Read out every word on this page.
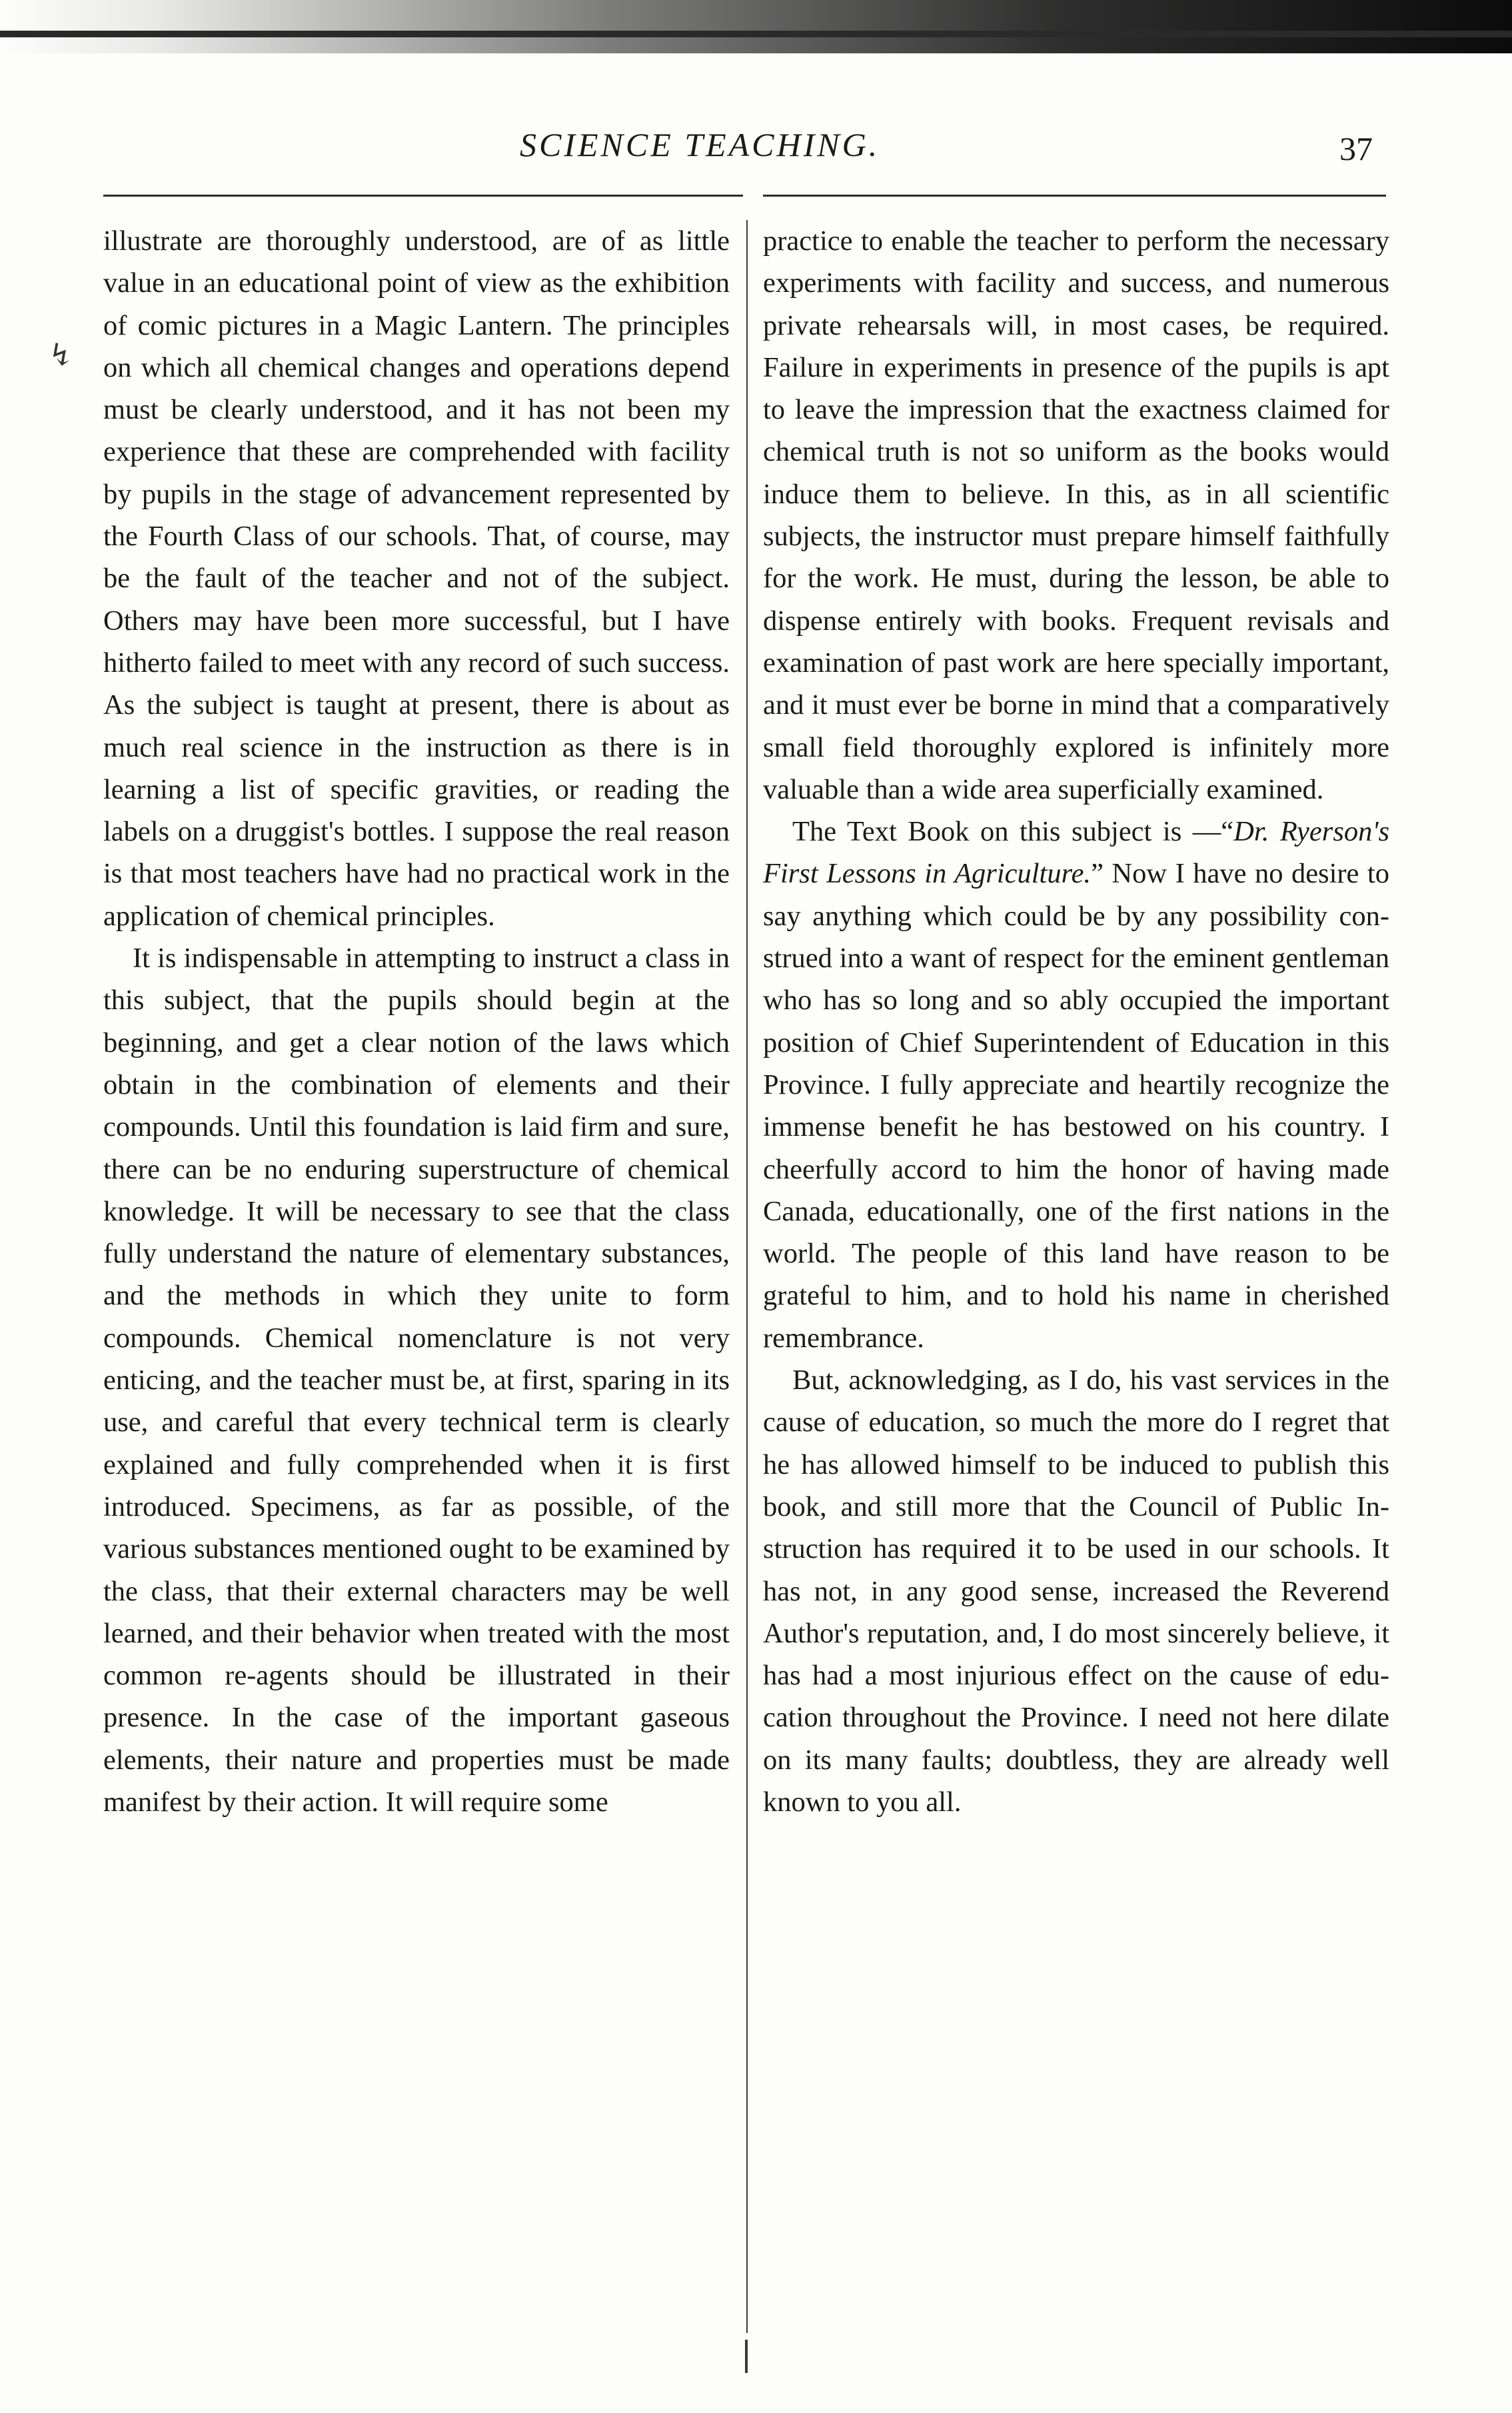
SCIENCE TEACHING.	37
↯

illustrate are thoroughly understood, are of as little value in an educational point of view as the exhibition of comic pictures in a Magic Lantern. The principles on which all chemical changes and operations depend must be clearly understood, and it has not been my experience that these are comprehended with facility by pupils in the stage of advancement represented by the Fourth Class of our schools. That, of course, may be the fault of the teacher and not of the subject. Others may have been more successful, but I have hitherto failed to meet with any record of such success. As the subject is taught at present, there is about as much real science in the instruction as there is in learning a list of specific gravities, or reading the labels on a druggist's bottles. I suppose the real reason is that most teachers have had no practical work in the application of chemical principles.

It is indispensable in attempting to instruct a class in this subject, that the pupils should begin at the beginning, and get a clear notion of the laws which obtain in the combination of elements and their compounds. Until this foundation is laid firm and sure, there can be no enduring superstructure of chemical knowledge. It will be necessary to see that the class fully understand the nature of elementary substances, and the methods in which they unite to form compounds. Chemical nomenclature is not very enticing, and the teacher must be, at first, sparing in its use, and careful that every technical term is clearly explained and fully comprehended when it is first introduced. Specimens, as far as possible, of the various substances mentioned ought to be examined by the class, that their external characters may be well learned, and their behavior when treated with the most common re-agents should be illustrated in their presence. In the case of the important gaseous elements, their nature and properties must be made manifest by their action. It will require some

practice to enable the teacher to perform the necessary experiments with facility and success, and numerous private rehearsals will, in most cases, be required. Failure in experiments in presence of the pupils is apt to leave the impression that the exactness claimed for chemical truth is not so uniform as the books would induce them to believe. In this, as in all scientific subjects, the instructor must prepare himself faithfully for the work. He must, during the lesson, be able to dispense entirely with books. Frequent revisals and examination of past work are here specially important, and it must ever be borne in mind that a comparatively small field thoroughly explored is infinitely more valuable than a wide area superficially examined.

The Text Book on this subject is —“Dr. Ryerson's First Lessons in Agriculture.” Now I have no desire to say anything which could be by any possibility construed into a want of respect for the eminent gentleman who has so long and so ably occupied the important position of Chief Superintendent of Education in this Province. I fully appreciate and heartily recognize the immense benefit he has bestowed on his country. I cheerfully accord to him the honor of having made Canada, educationally, one of the first nations in the world. The people of this land have reason to be grateful to him, and to hold his name in cherished remembrance.

But, acknowledging, as I do, his vast services in the cause of education, so much the more do I regret that he has allowed himself to be induced to publish this book, and still more that the Council of Public Instruction has required it to be used in our schools. It has not, in any good sense, increased the Reverend Author's reputation, and, I do most sincerely believe, it has had a most injurious effect on the cause of education throughout the Province. I need not here dilate on its many faults; doubtless, they are already well known to you all.
